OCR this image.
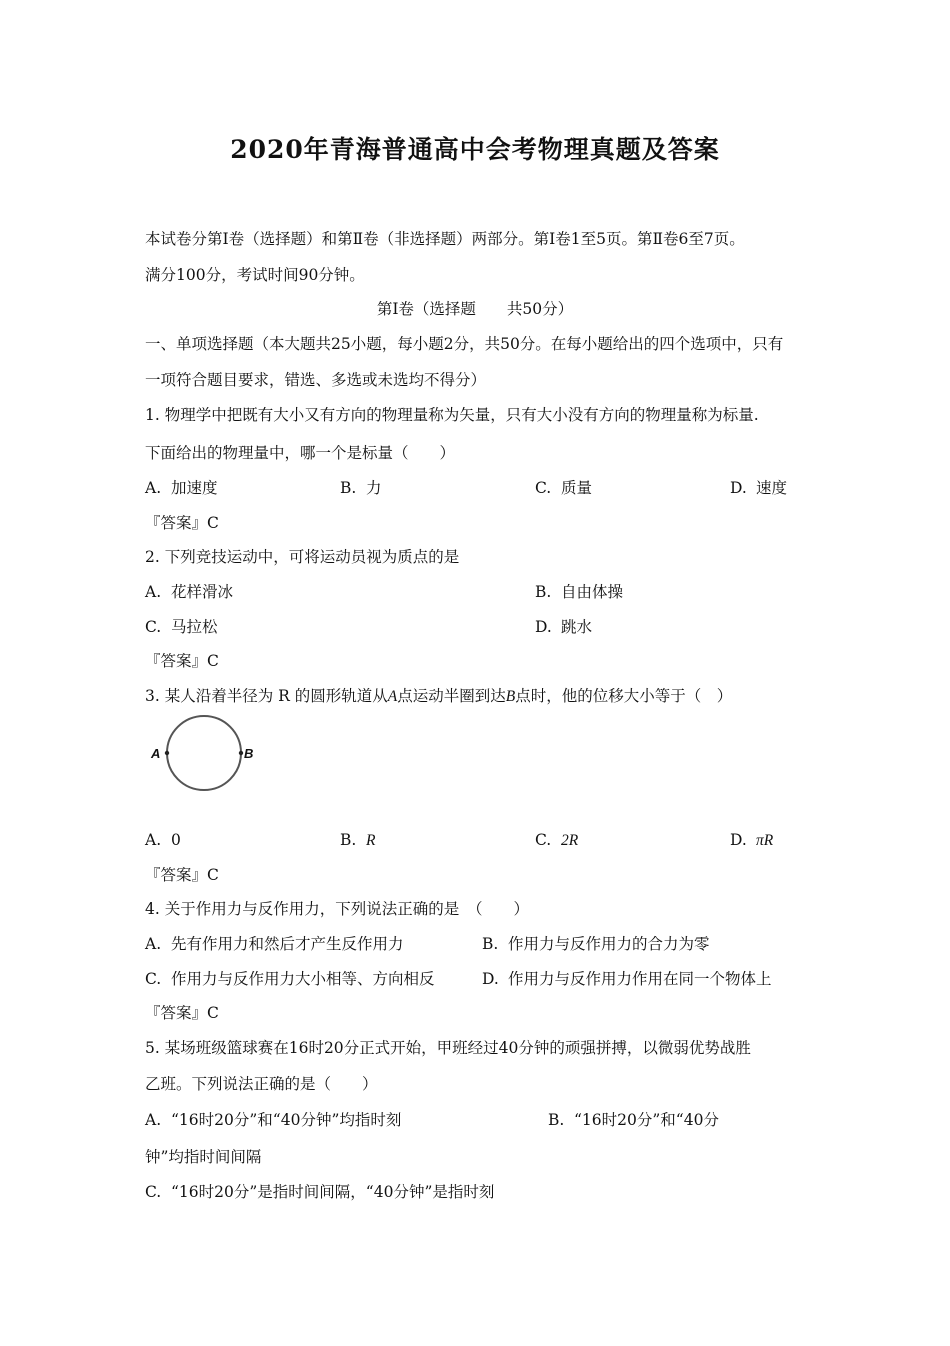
2020年青海普通高中会考物理真题及答案
本试卷分第Ⅰ卷（选择题）和第Ⅱ卷（非选择题）两部分。第Ⅰ卷1至5页。第Ⅱ卷6至7页。
满分100分，考试时间90分钟。
第Ⅰ卷（选择题　　共50分）
一、单项选择题（本大题共25小题，每小题2分，共50分。在每小题给出的四个选项中，只有
一项符合题目要求，错选、多选或未选均不得分）
1. 物理学中把既有大小又有方向的物理量称为矢量，只有大小没有方向的物理量称为标量.
下面给出的物理量中，哪一个是标量（　　）
A. 加速度	B. 力	C. 质量	D. 速度
『答案』C
2. 下列竞技运动中，可将运动员视为质点的是
A. 花样滑冰	B. 自由体操
C. 马拉松	D. 跳水
『答案』C
3. 某人沿着半径为 R 的圆形轨道从A点运动半圈到达B点时，他的位移大小等于（　）
A	B
A. 0	B. R	C. 2R	D. πR
『答案』C
4. 关于作用力与反作用力，下列说法正确的是　（　　）
A. 先有作用力和然后才产生反作用力	B. 作用力与反作用力的合力为零
C. 作用力与反作用力大小相等、方向相反	D. 作用力与反作用力作用在同一个物体上
『答案』C
5. 某场班级篮球赛在16时20分正式开始，甲班经过40分钟的顽强拼搏，以微弱优势战胜
乙班。下列说法正确的是（　　）
A. “16时20分”和“40分钟”均指时刻	B. “16时20分”和“40分
钟”均指时间间隔
C. “16时20分”是指时间间隔，“40分钟”是指时刻
